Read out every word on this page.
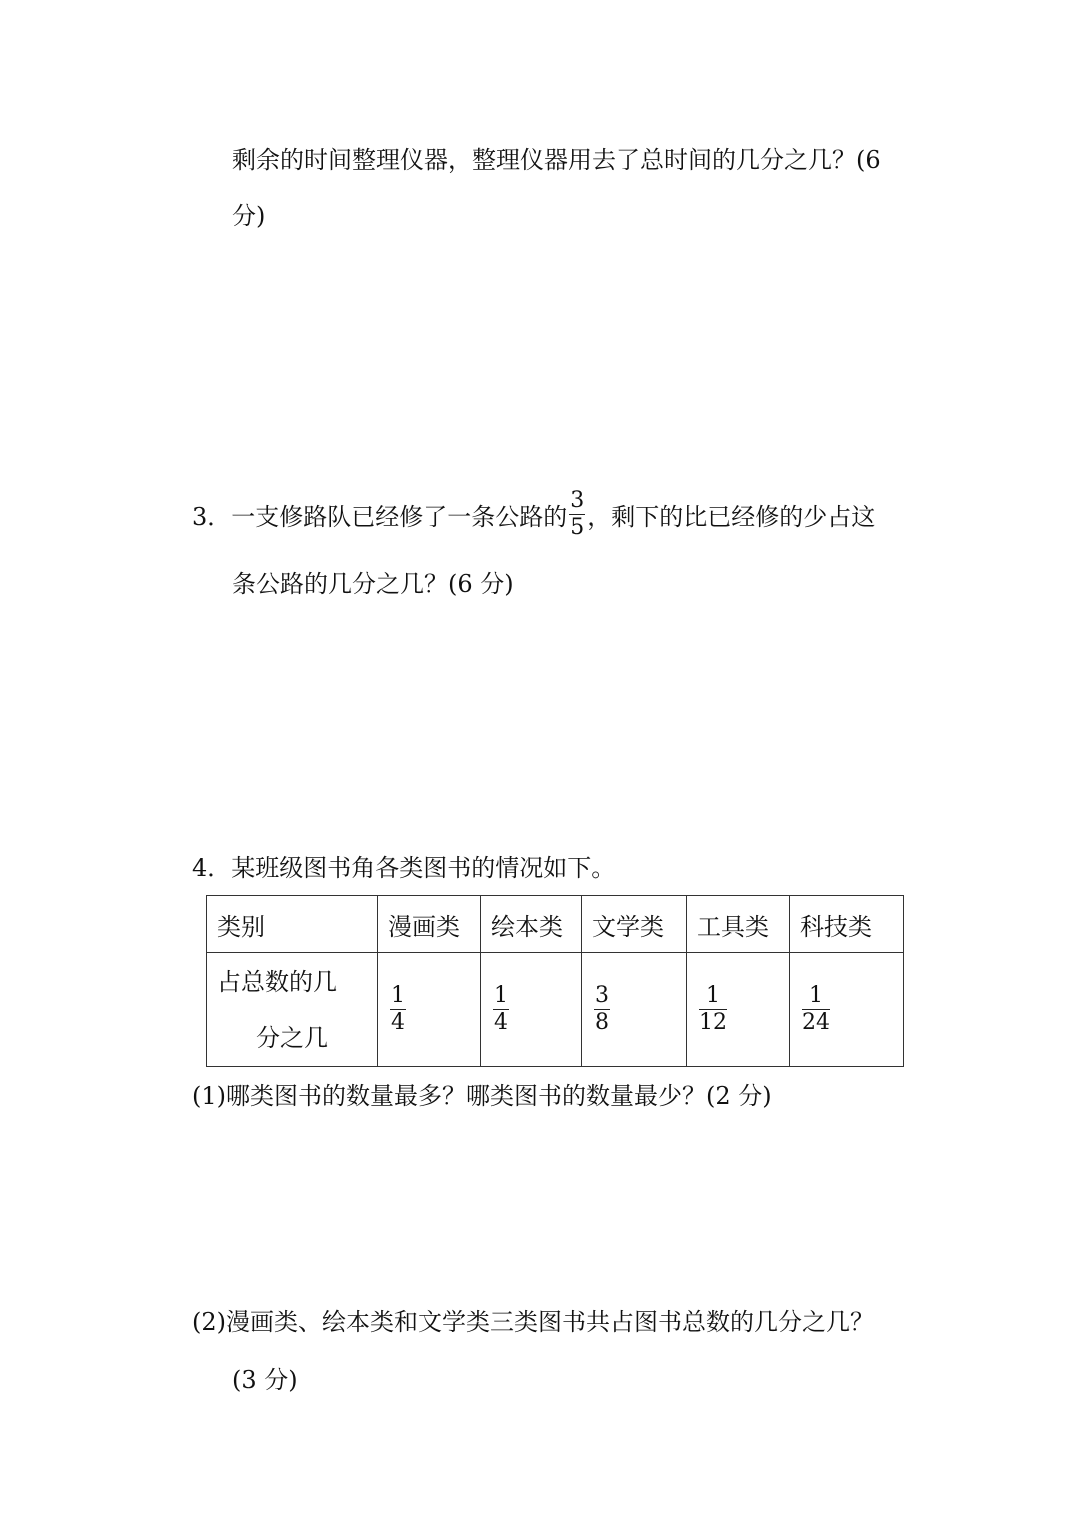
剩余的时间整理仪器，整理仪器用去了总时间的几分之几？(6
分)
3．一支修路队已经修了一条公路的 $\frac{3}{5}$ ，剩下的比已经修的少占这
条公路的几分之几？(6 分)
4．某班级图书角各类图书的情况如下。
类别	漫画类	绘本类	文学类	工具类	科技类

占总数的几
分之几	$\frac{1}{4}$	$\frac{1}{4}$	$\frac{3}{8}$	$\frac{1}{12}$	$\frac{1}{24}$
(1)哪类图书的数量最多？哪类图书的数量最少？(2 分)
(2)漫画类、绘本类和文学类三类图书共占图书总数的几分之几？
(3 分)
